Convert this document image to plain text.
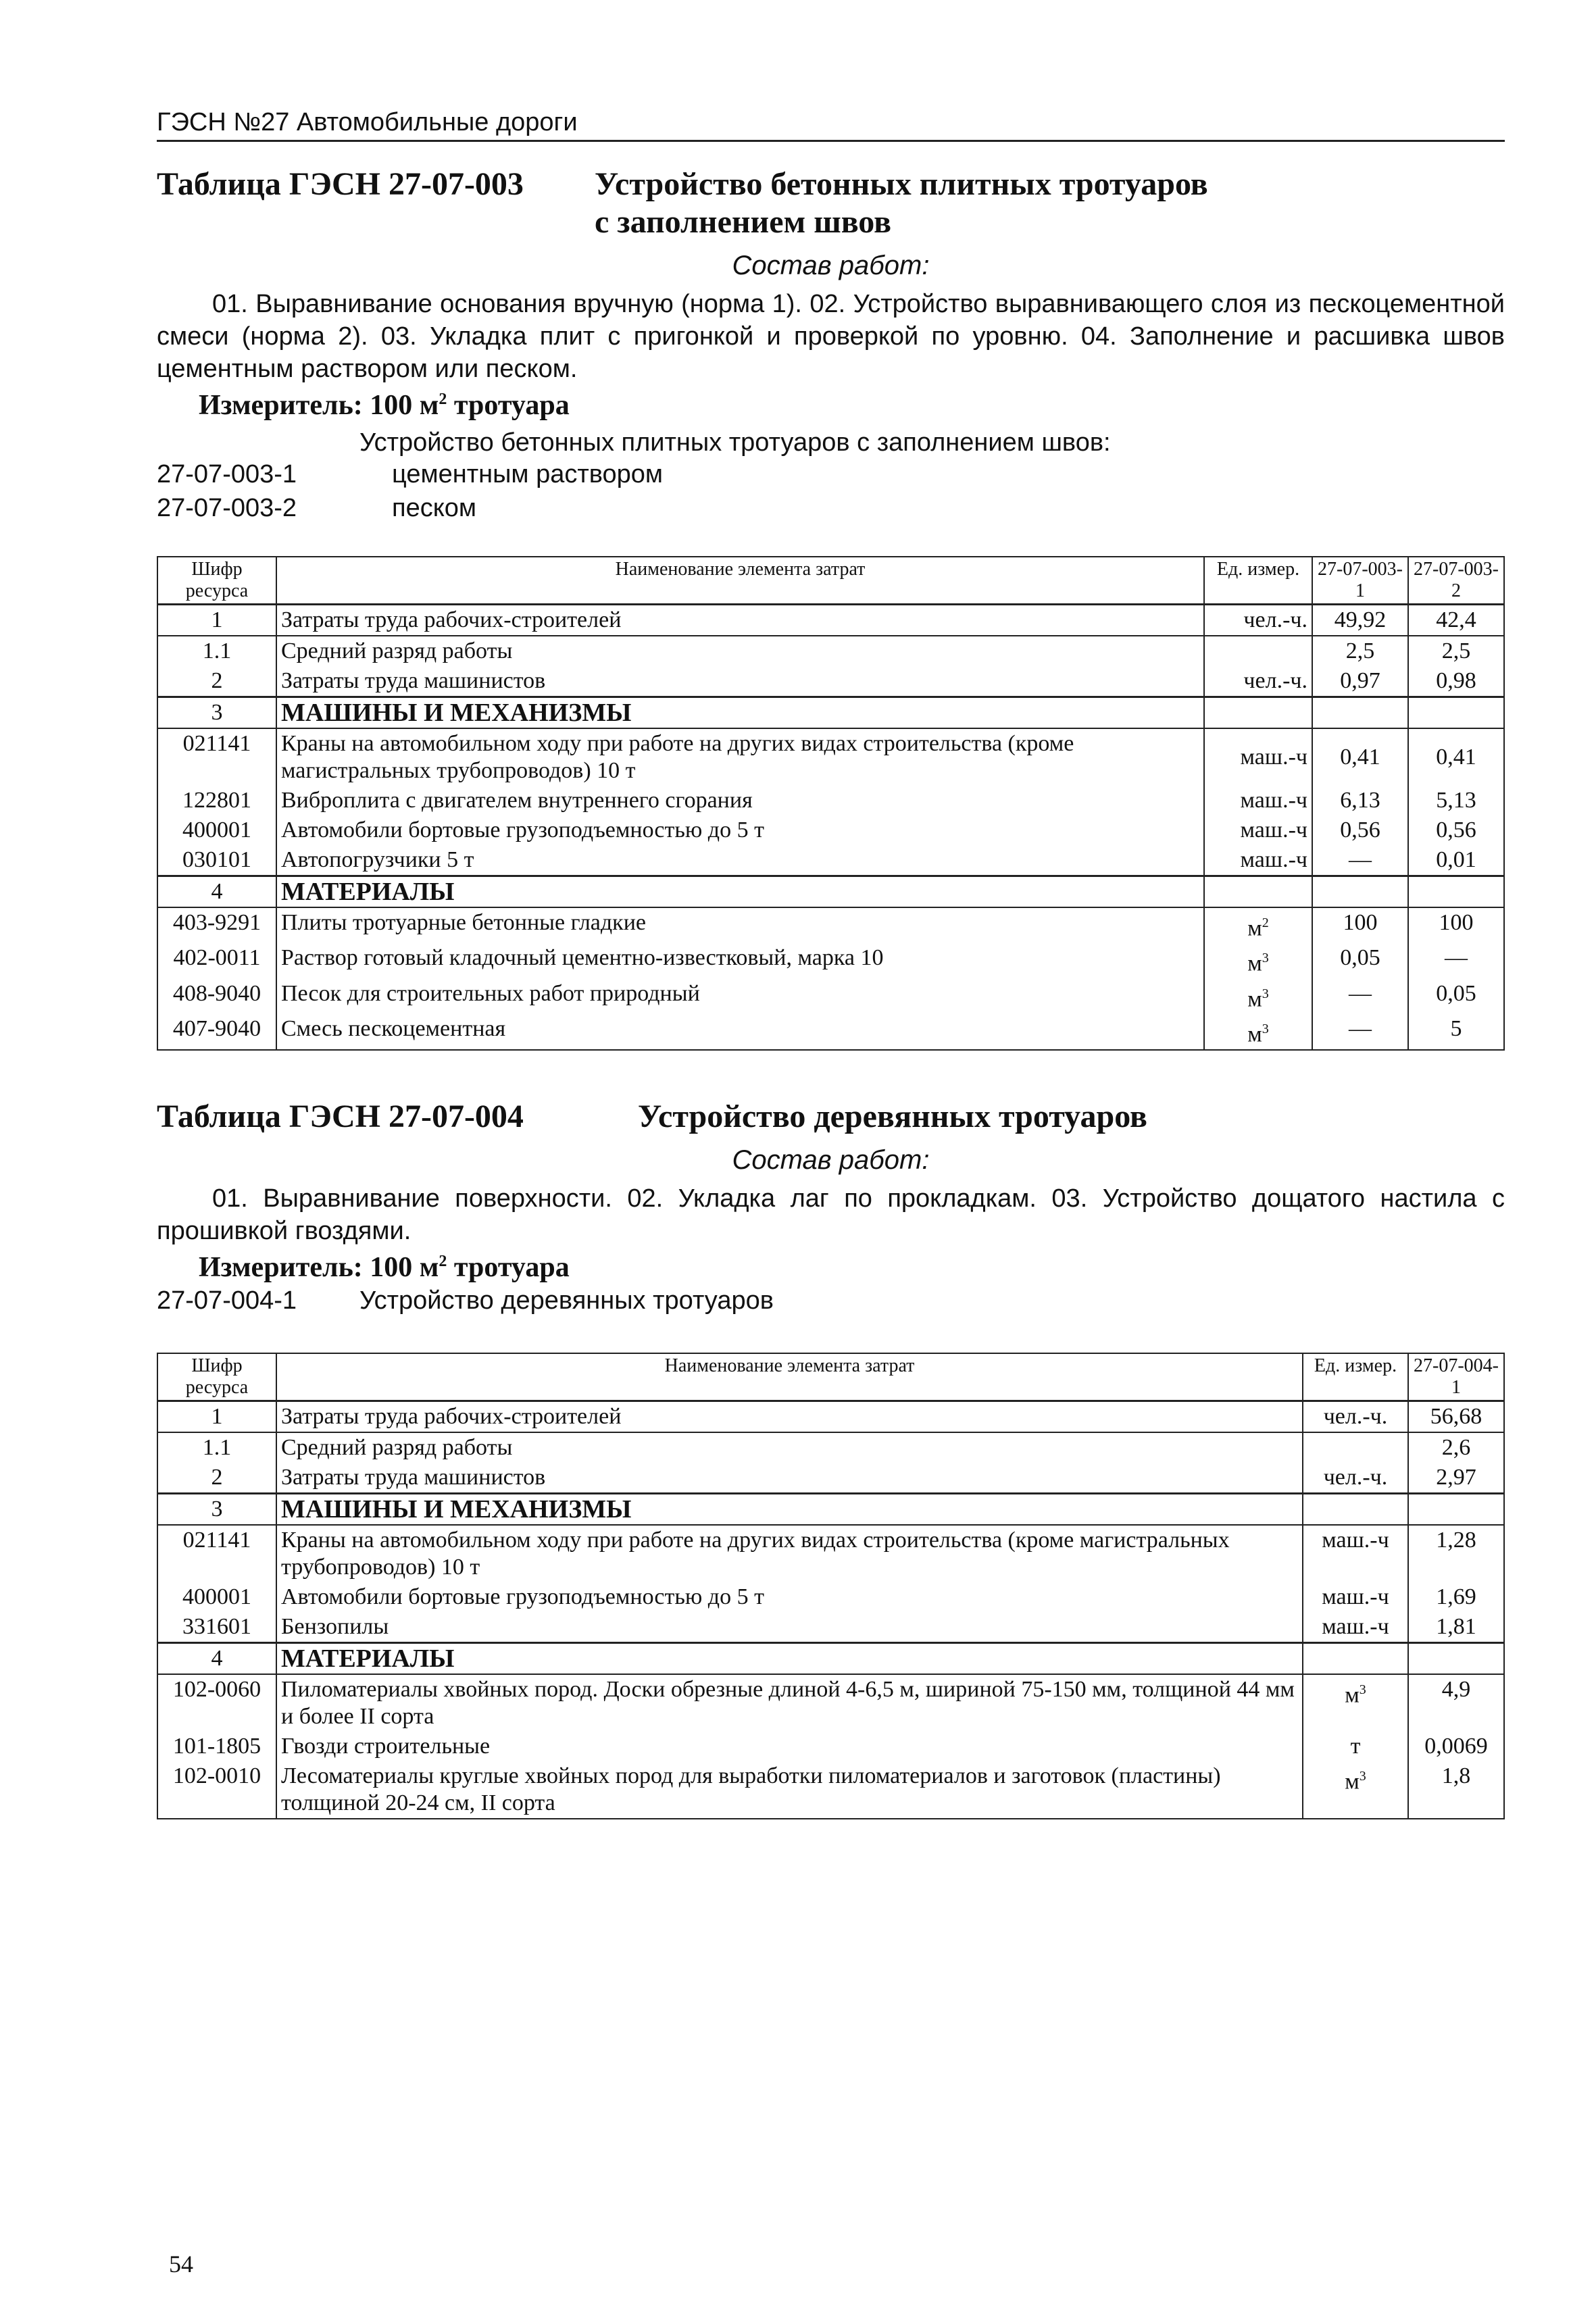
ГЭСН №27 Автомобильные дороги
Таблица ГЭСН 27-07-003	Устройство бетонных плитных тротуаров
с заполнением швов
Состав работ:
01. Выравнивание основания вручную (норма 1). 02. Устройство выравнивающего слоя из пескоцементной смеси (норма 2). 03. Укладка плит с пригонкой и проверкой по уровню. 04. Заполнение и расшивка швов цементным раствором или песком.
Измеритель: 100 $м^2$ тротуара
Устройство бетонных плитных тротуаров с заполнением швов:
27-07-003-1	цементным раствором
27-07-003-2	песком
Шифр ресурса	Наименование элемента затрат	Ед. измер.	27-07-003-1	27-07-003-2
1	Затраты труда рабочих-строителей	чел.-ч.	49,92	42,4
1.1	Средний разряд работы		2,5	2,5
2	Затраты труда машинистов	чел.-ч.	0,97	0,98
3	МАШИНЫ И МЕХАНИЗМЫ			
021141	Краны на автомобильном ходу при работе на других видах строительства (кроме магистральных трубопроводов) 10 т	маш.-ч	0,41	0,41
122801	Виброплита с двигателем внутреннего сгорания	маш.-ч	6,13	5,13
400001	Автомобили бортовые грузоподъемностью до 5 т	маш.-ч	0,56	0,56
030101	Автопогрузчики 5 т	маш.-ч	—	0,01
4	МАТЕРИАЛЫ			
403-9291	Плиты тротуарные бетонные гладкие	$м^2$	100	100
402-0011	Раствор готовый кладочный цементно-известковый, марка 10	$м^3$	0,05	—
408-9040	Песок для строительных работ природный	$м^3$	—	0,05
407-9040	Смесь пескоцементная	$м^3$	—	5
Таблица ГЭСН 27-07-004	Устройство деревянных тротуаров
Состав работ:
01. Выравнивание поверхности. 02. Укладка лаг по прокладкам. 03. Устройство дощатого настила с прошивкой гвоздями.
Измеритель: 100 $м^2$ тротуара
27-07-004-1	Устройство деревянных тротуаров
Шифр ресурса	Наименование элемента затрат	Ед. измер.	27-07-004-1
1	Затраты труда рабочих-строителей	чел.-ч.	56,68
1.1	Средний разряд работы		2,6
2	Затраты труда машинистов	чел.-ч.	2,97
3	МАШИНЫ И МЕХАНИЗМЫ		
021141	Краны на автомобильном ходу при работе на других видах строительства (кроме магистральных трубопроводов) 10 т	маш.-ч	1,28
400001	Автомобили бортовые грузоподъемностью до 5 т	маш.-ч	1,69
331601	Бензопилы	маш.-ч	1,81
4	МАТЕРИАЛЫ		
102-0060	Пиломатериалы хвойных пород. Доски обрезные длиной 4-6,5 м, шириной 75-150 мм, толщиной 44 мм и более II сорта	$м^3$	4,9
101-1805	Гвозди строительные	т	0,0069
102-0010	Лесоматериалы круглые хвойных пород для выработки пиломатериалов и заготовок (пластины) толщиной 20-24 см, II сорта	$м^3$	1,8
54
